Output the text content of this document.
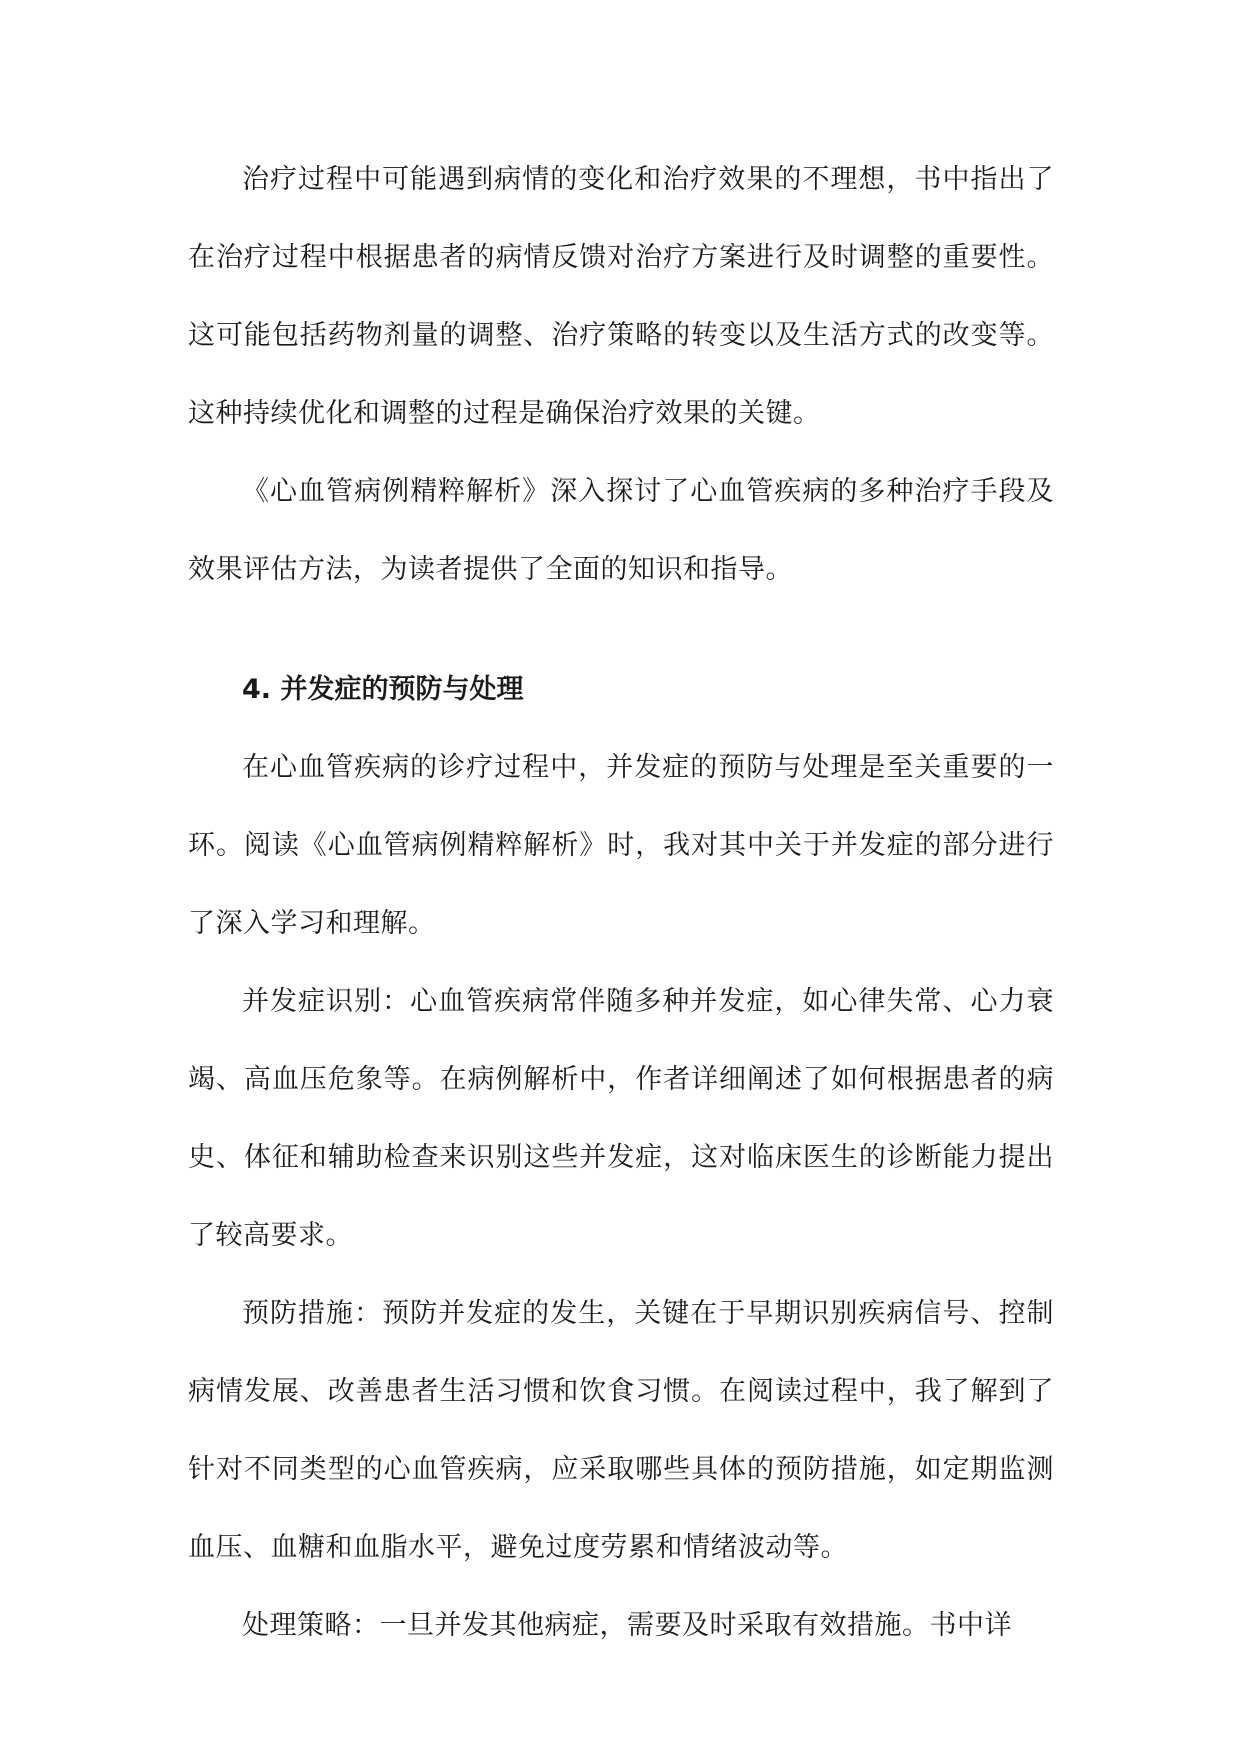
治疗过程中可能遇到病情的变化和治疗效果的不理想，书中指出了在治疗过程中根据患者的病情反馈对治疗方案进行及时调整的重要性。这可能包括药物剂量的调整、治疗策略的转变以及生活方式的改变等。这种持续优化和调整的过程是确保治疗效果的关键。

《心血管病例精粹解析》深入探讨了心血管疾病的多种治疗手段及效果评估方法，为读者提供了全面的知识和指导。

4. 并发症的预防与处理

在心血管疾病的诊疗过程中，并发症的预防与处理是至关重要的一环。阅读《心血管病例精粹解析》时，我对其中关于并发症的部分进行了深入学习和理解。

并发症识别：心血管疾病常伴随多种并发症，如心律失常、心力衰竭、高血压危象等。在病例解析中，作者详细阐述了如何根据患者的病史、体征和辅助检查来识别这些并发症，这对临床医生的诊断能力提出了较高要求。

预防措施：预防并发症的发生，关键在于早期识别疾病信号、控制病情发展、改善患者生活习惯和饮食习惯。在阅读过程中，我了解到了针对不同类型的心血管疾病，应采取哪些具体的预防措施，如定期监测血压、血糖和血脂水平，避免过度劳累和情绪波动等。

处理策略：一旦并发其他病症，需要及时采取有效措施。书中详
